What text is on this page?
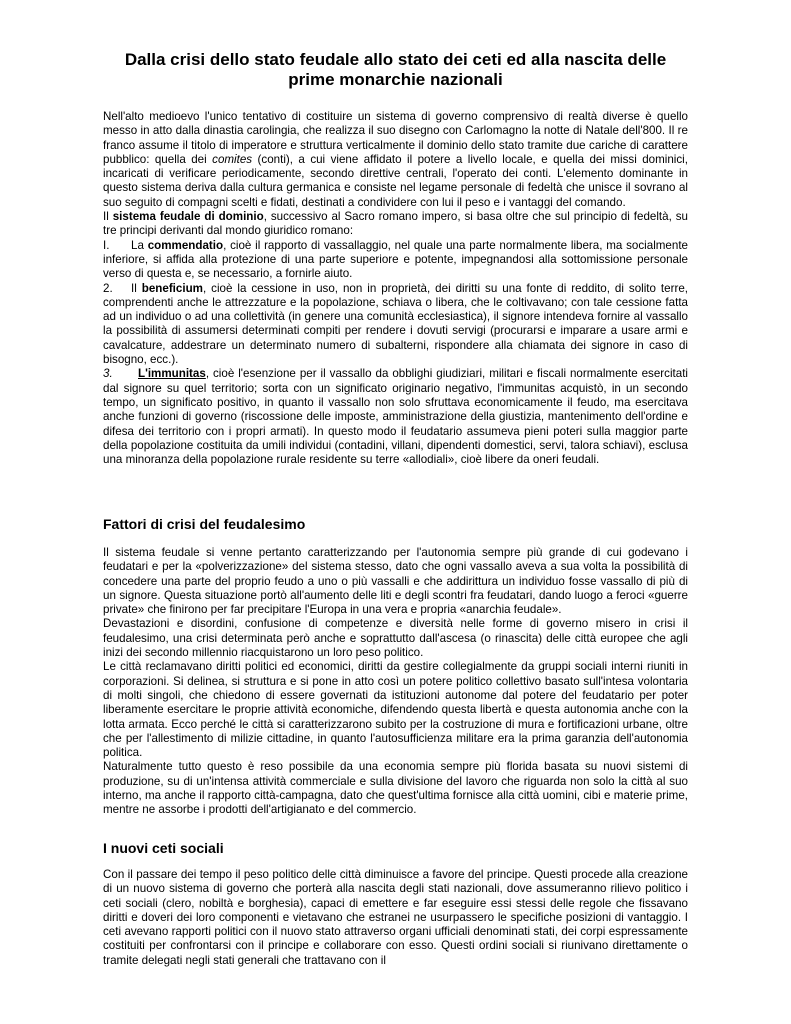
Dalla crisi dello stato feudale allo stato dei ceti ed alla nascita delle
prime monarchie nazionali

Nell'alto medioevo l'unico tentativo di costituire un sistema di governo comprensivo di realtà diverse è quello messo in atto dalla dinastia carolingia, che realizza il suo disegno con Carlomagno la notte di Natale dell'800. Il re franco assume il titolo di imperatore e struttura verticalmente il dominio dello stato tramite due cariche di carattere pubblico: quella dei comites (conti), a cui viene affidato il potere a livello locale, e quella dei missi dominici, incaricati di verificare periodicamente, secondo direttive centrali, l'operato dei conti. L'elemento dominante in questo sistema deriva dalla cultura germanica e consiste nel legame personale di fedeltà che unisce il sovrano al suo seguito di compagni scelti e fidati, destinati a condividere con lui il peso e i vantaggi del comando.

Il sistema feudale di dominio, successivo al Sacro romano impero, si basa oltre che sul principio di fedeltà, su tre principi derivanti dal mondo giuridico romano:

I. La commendatio, cioè il rapporto di vassallaggio, nel quale una parte normalmente libera, ma socialmente inferiore, si affida alla protezione di una parte superiore e potente, impegnandosi alla sottomissione personale verso di questa e, se necessario, a fornirle aiuto.

2. Il beneficium, cioè la cessione in uso, non in proprietà, dei diritti su una fonte di reddito, di solito terre, comprendenti anche le attrezzature e la popolazione, schiava o libera, che le coltivavano; con tale cessione fatta ad un individuo o ad una collettività (in genere una comunità ecclesiastica), il signore intendeva fornire al vassallo la possibilità di assumersi determinati compiti per rendere i dovuti servigi (procurarsi e imparare a usare armi e cavalcature, addestrare un determinato numero di subalterni, rispondere alla chiamata dei signore in caso di bisogno, ecc.).

3. L'immunitas, cioè l'esenzione per il vassallo da obblighi giudiziari, militari e fiscali normalmente esercitati dal signore su quel territorio; sorta con un significato originario negativo, l'immunitas acquistò, in un secondo tempo, un significato positivo, in quanto il vassallo non solo sfruttava economicamente il feudo, ma esercitava anche funzioni di governo (riscossione delle imposte, amministrazione della giustizia, mantenimento dell'ordine e difesa dei territorio con i propri armati). In questo modo il feudatario assumeva pieni poteri sulla maggior parte della popolazione costituita da umili individui (contadini, villani, dipendenti domestici, servi, talora schiavi), esclusa una minoranza della popolazione rurale residente su terre «allodiali», cioè libere da oneri feudali.

Fattori di crisi del feudalesimo

Il sistema feudale si venne pertanto caratterizzando per l'autonomia sempre più grande di cui godevano i feudatari e per la «polverizzazione» del sistema stesso, dato che ogni vassallo aveva a sua volta la possibilità di concedere una parte del proprio feudo a uno o più vassalli e che addirittura un individuo fosse vassallo di più di un signore. Questa situazione portò all'aumento delle liti e degli scontri fra feudatari, dando luogo a feroci «guerre private» che finirono per far precipitare l'Europa in una vera e propria «anarchia feudale».

Devastazioni e disordini, confusione di competenze e diversità nelle forme di governo misero in crisi il feudalesimo, una crisi determinata però anche e soprattutto dall'ascesa (o rinascita) delle città europee che agli inizi dei secondo millennio riacquistarono un loro peso politico.

Le città reclamavano diritti politici ed economici, diritti da gestire collegialmente da gruppi sociali interni riuniti in corporazioni. Si delinea, si struttura e si pone in atto così un potere politico collettivo basato sull'intesa volontaria di molti singoli, che chiedono di essere governati da istituzioni autonome dal potere del feudatario per poter liberamente esercitare le proprie attività economiche, difendendo questa libertà e questa autonomia anche con la lotta armata. Ecco perché le città si caratterizzarono subito per la costruzione di mura e fortificazioni urbane, oltre che per l'allestimento di milizie cittadine, in quanto l'autosufficienza militare era la prima garanzia dell'autonomia politica.

Naturalmente tutto questo è reso possibile da una economia sempre più florida basata su nuovi sistemi di produzione, su di un'intensa attività commerciale e sulla divisione del lavoro che riguarda non solo la città al suo interno, ma anche il rapporto città-campagna, dato che quest'ultima fornisce alla città uomini, cibi e materie prime, mentre ne assorbe i prodotti dell'artigianato e del commercio.

I nuovi ceti sociali

Con il passare dei tempo il peso politico delle città diminuisce a favore del principe. Questi procede alla creazione di un nuovo sistema di governo che porterà alla nascita degli stati nazionali, dove assumeranno rilievo politico i ceti sociali (clero, nobiltà e borghesia), capaci di emettere e far eseguire essi stessi delle regole che fissavano diritti e doveri dei loro componenti e vietavano che estranei ne usurpassero le specifiche posizioni di vantaggio. I ceti avevano rapporti politici con il nuovo stato attraverso organi ufficiali denominati stati, dei corpi espressamente costituiti per confrontarsi con il principe e collaborare con esso. Questi ordini sociali si riunivano direttamente o tramite delegati negli stati generali che trattavano con il
